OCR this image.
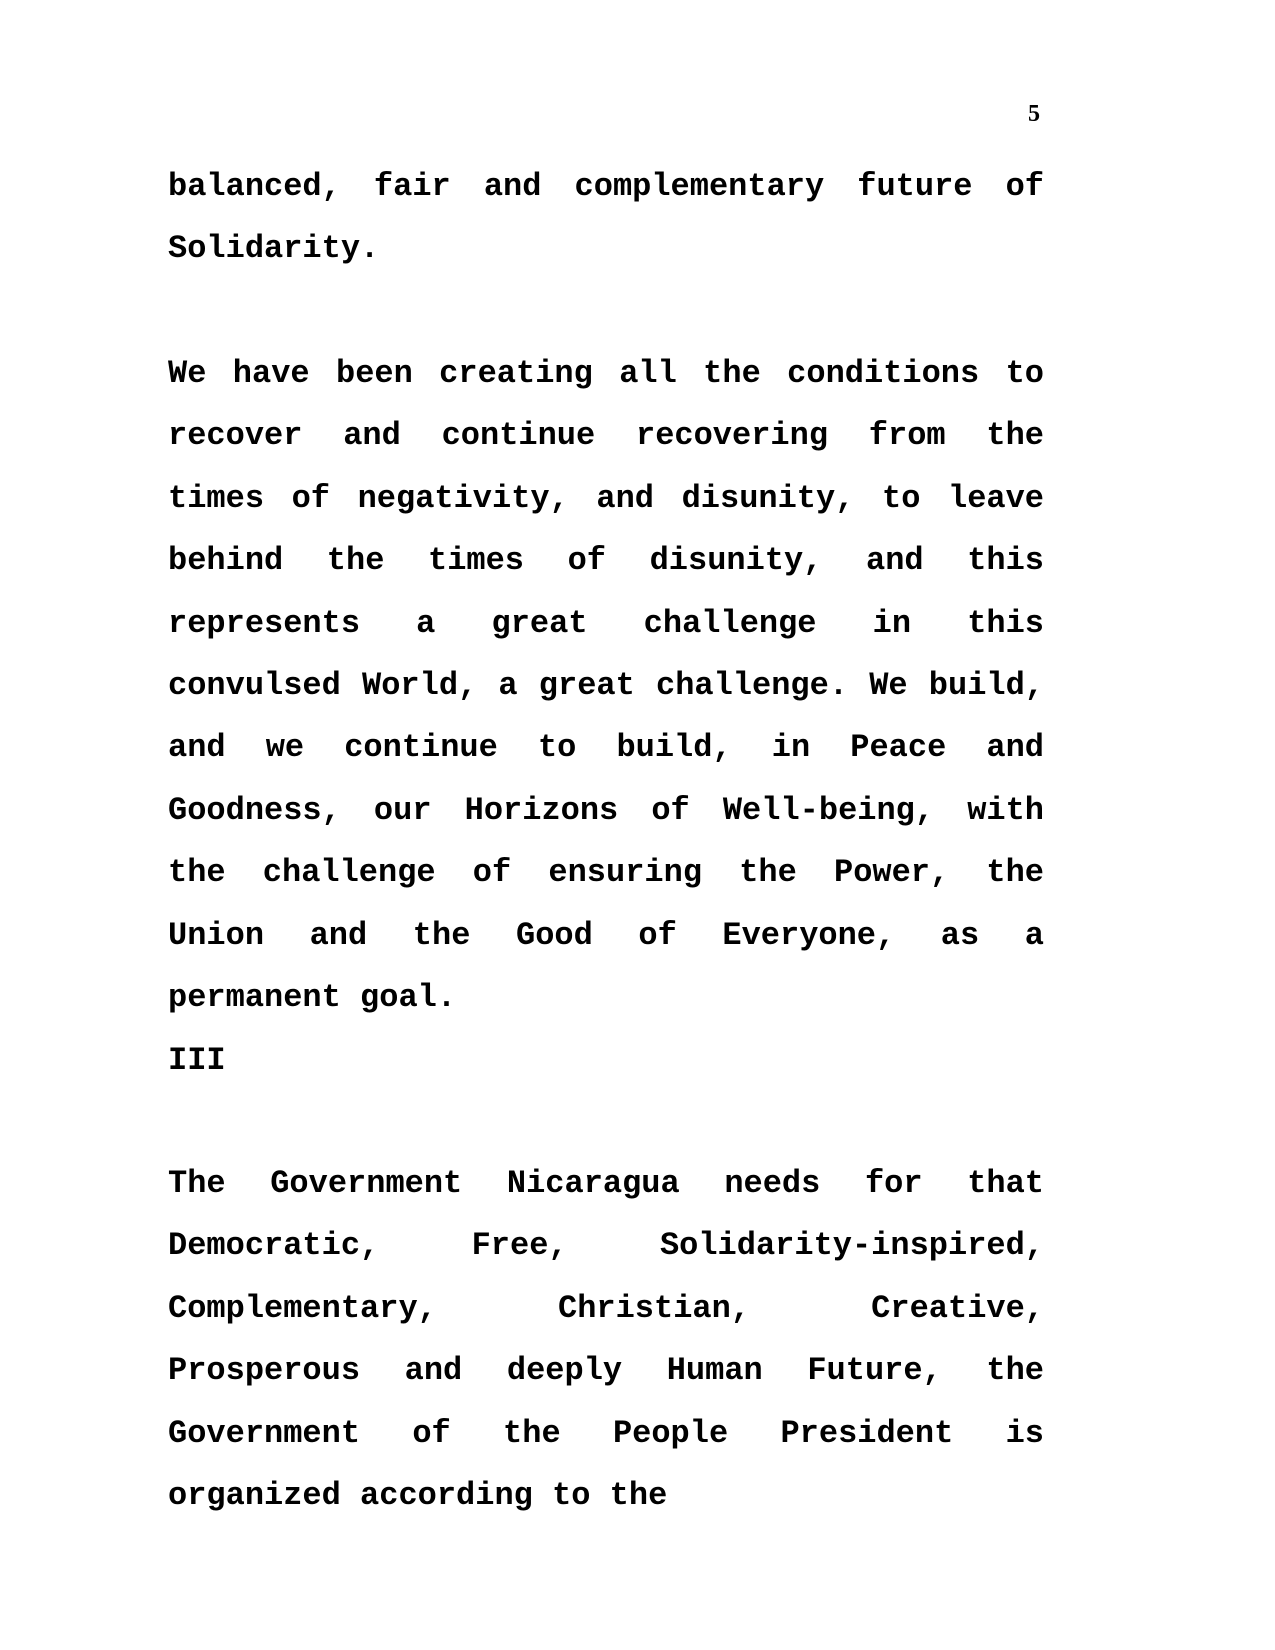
5
balanced, fair and complementary future of Solidarity.
We have been creating all the conditions to recover and continue recovering from the times of negativity, and disunity, to leave behind the times of disunity, and this represents a great challenge in this convulsed World, a great challenge. We build, and we continue to build, in Peace and Goodness, our Horizons of Well-being, with the challenge of ensuring the Power, the Union and the Good of Everyone, as a permanent goal.
III
The Government Nicaragua needs for that Democratic, Free, Solidarity-inspired, Complementary, Christian, Creative, Prosperous and deeply Human Future, the Government of the People President is organized according to the
